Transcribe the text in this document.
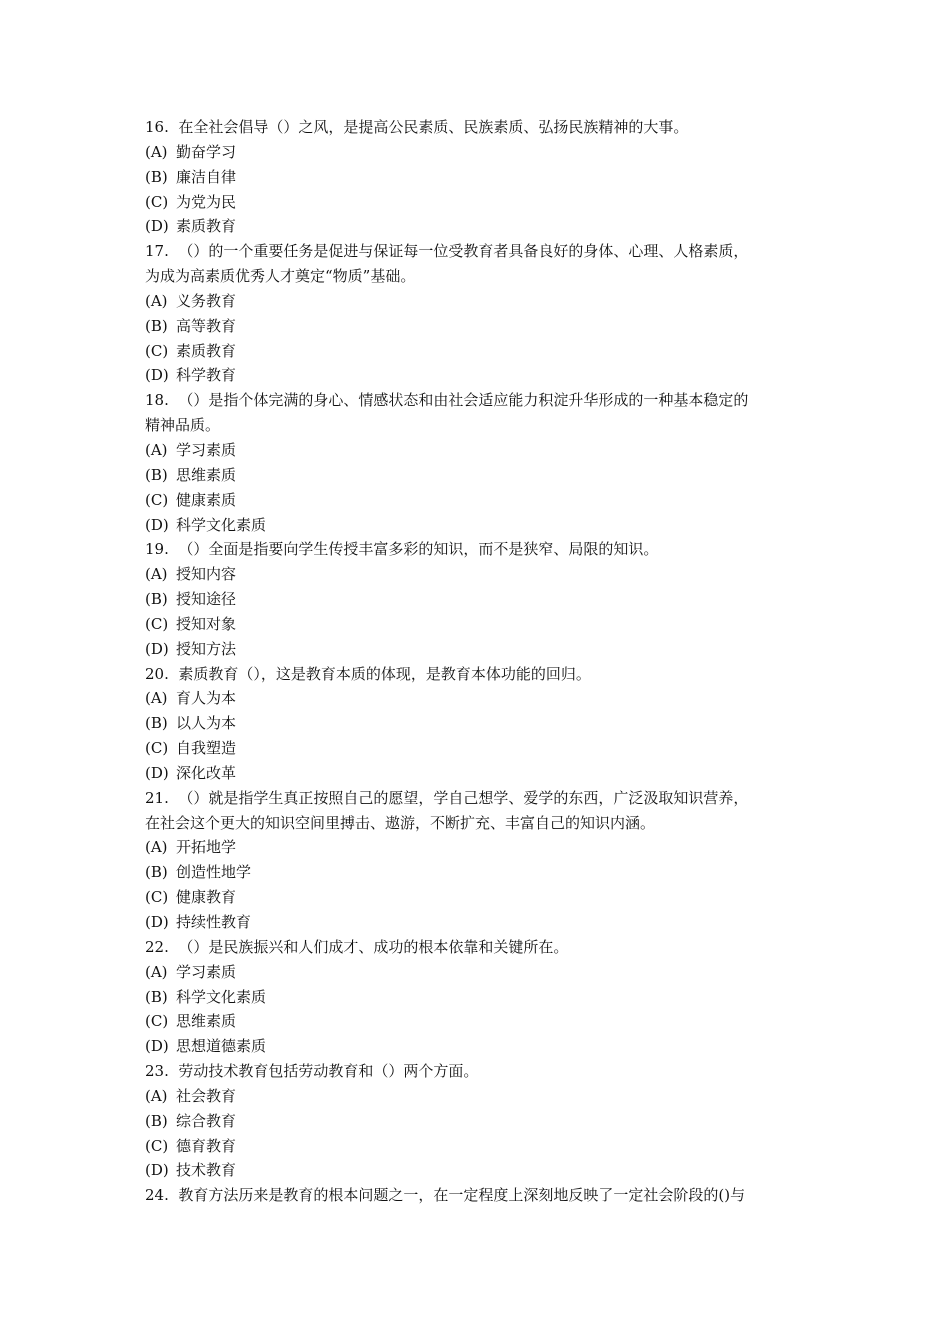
16. 在全社会倡导（）之风，是提高公民素质、民族素质、弘扬民族精神的大事。
(A) 勤奋学习
(B) 廉洁自律
(C) 为党为民
(D) 素质教育
17. （）的一个重要任务是促进与保证每一位受教育者具备良好的身体、心理、人格素质，
为成为高素质优秀人才奠定“物质”基础。
(A) 义务教育
(B) 高等教育
(C) 素质教育
(D) 科学教育
18. （）是指个体完满的身心、情感状态和由社会适应能力积淀升华形成的一种基本稳定的
精神品质。
(A) 学习素质
(B) 思维素质
(C) 健康素质
(D) 科学文化素质
19. （）全面是指要向学生传授丰富多彩的知识，而不是狭窄、局限的知识。
(A) 授知内容
(B) 授知途径
(C) 授知对象
(D) 授知方法
20. 素质教育（），这是教育本质的体现，是教育本体功能的回归。
(A) 育人为本
(B) 以人为本
(C) 自我塑造
(D) 深化改革
21. （）就是指学生真正按照自己的愿望，学自己想学、爱学的东西，广泛汲取知识营养，
在社会这个更大的知识空间里搏击、遨游，不断扩充、丰富自己的知识内涵。
(A) 开拓地学
(B) 创造性地学
(C) 健康教育
(D) 持续性教育
22. （）是民族振兴和人们成才、成功的根本依靠和关键所在。
(A) 学习素质
(B) 科学文化素质
(C) 思维素质
(D) 思想道德素质
23. 劳动技术教育包括劳动教育和（）两个方面。
(A) 社会教育
(B) 综合教育
(C) 德育教育
(D) 技术教育
24. 教育方法历来是教育的根本问题之一，在一定程度上深刻地反映了一定社会阶段的()与
